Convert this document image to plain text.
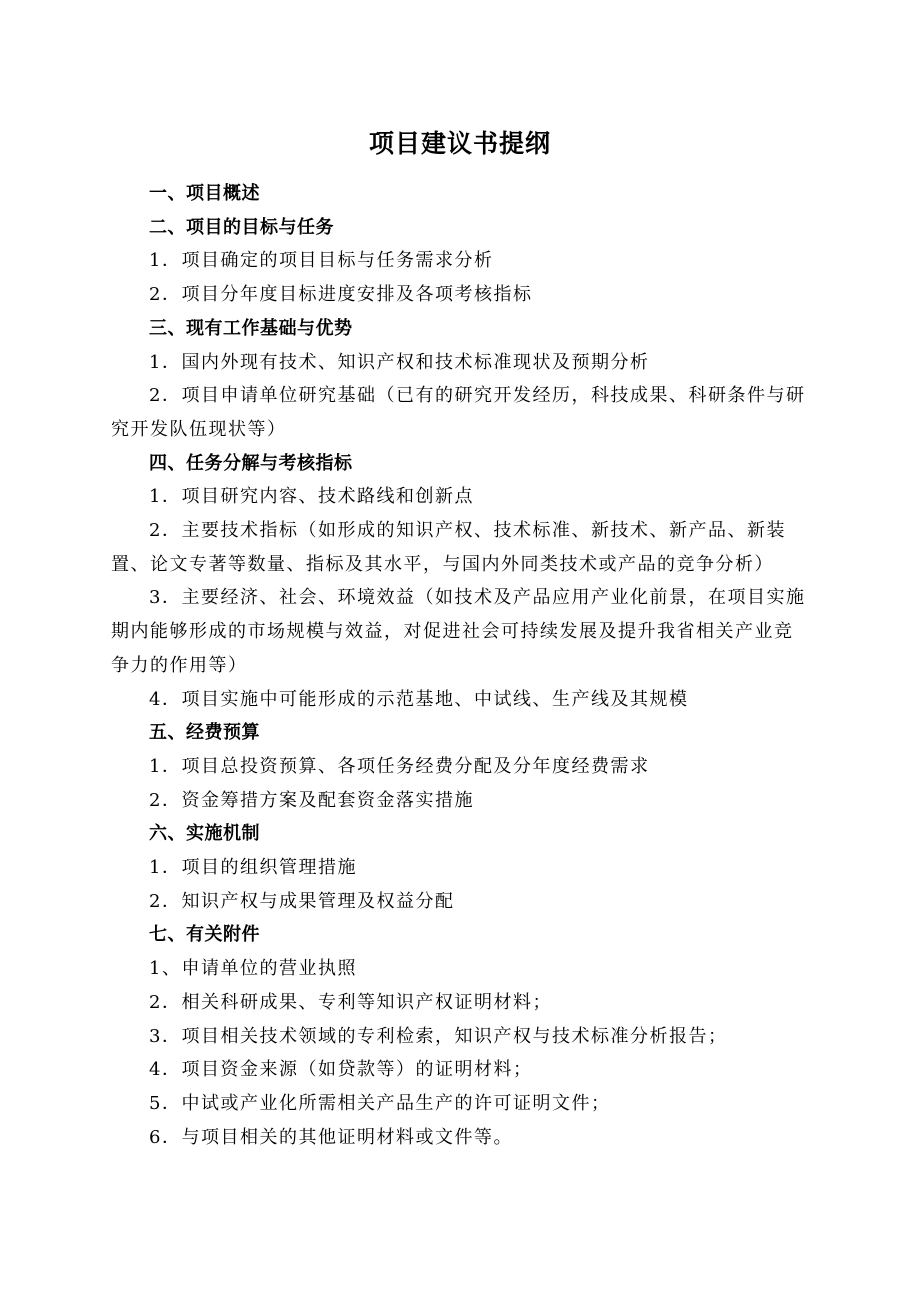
项目建议书提纲

一、项目概述

二、项目的目标与任务

1．项目确定的项目目标与任务需求分析

2．项目分年度目标进度安排及各项考核指标

三、现有工作基础与优势

1．国内外现有技术、知识产权和技术标准现状及预期分析

2．项目申请单位研究基础（已有的研究开发经历，科技成果、科研条件与研究开发队伍现状等）

四、任务分解与考核指标

1．项目研究内容、技术路线和创新点

2．主要技术指标（如形成的知识产权、技术标准、新技术、新产品、新装置、论文专著等数量、指标及其水平，与国内外同类技术或产品的竞争分析）

3．主要经济、社会、环境效益（如技术及产品应用产业化前景，在项目实施期内能够形成的市场规模与效益，对促进社会可持续发展及提升我省相关产业竞争力的作用等）

4．项目实施中可能形成的示范基地、中试线、生产线及其规模

五、经费预算

1．项目总投资预算、各项任务经费分配及分年度经费需求

2．资金筹措方案及配套资金落实措施

六、实施机制

1．项目的组织管理措施

2．知识产权与成果管理及权益分配

七、有关附件

1、申请单位的营业执照

2．相关科研成果、专利等知识产权证明材料；

3．项目相关技术领域的专利检索，知识产权与技术标准分析报告；

4．项目资金来源（如贷款等）的证明材料；

5．中试或产业化所需相关产品生产的许可证明文件；

6．与项目相关的其他证明材料或文件等。
